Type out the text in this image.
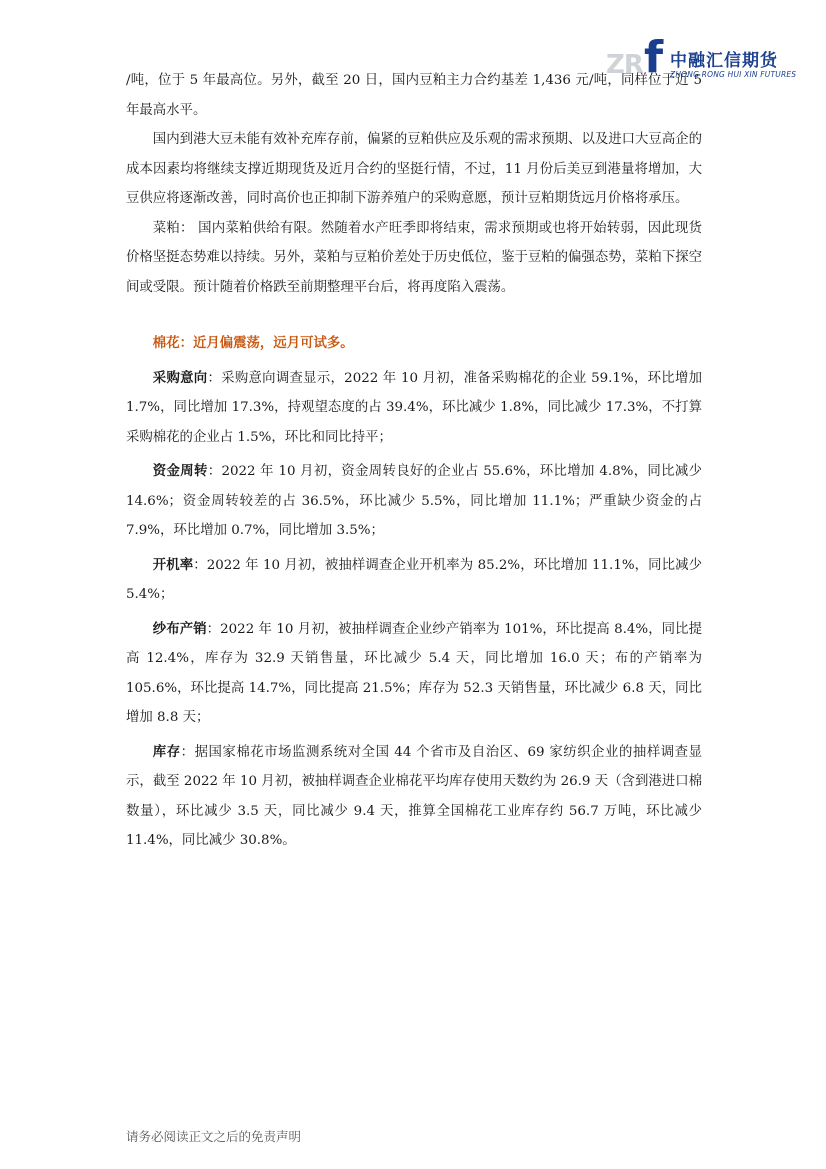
ZR f 中融汇信期货
ZHONG RONG HUI XIN FUTURES

/吨，位于 5 年最高位。另外，截至 20 日，国内豆粕主力合约基差 1,436 元/吨，同样位于近 5 年最高水平。

国内到港大豆未能有效补充库存前，偏紧的豆粕供应及乐观的需求预期、以及进口大豆高企的成本因素均将继续支撑近期现货及近月合约的坚挺行情，不过，11 月份后美豆到港量将增加，大豆供应将逐渐改善，同时高价也正抑制下游养殖户的采购意愿，预计豆粕期货远月价格将承压。

菜粕： 国内菜粕供给有限。然随着水产旺季即将结束，需求预期或也将开始转弱，因此现货价格坚挺态势难以持续。另外，菜粕与豆粕价差处于历史低位，鉴于豆粕的偏强态势，菜粕下探空间或受限。预计随着价格跌至前期整理平台后，将再度陷入震荡。

棉花：近月偏震荡，远月可试多。

采购意向：采购意向调查显示，2022 年 10 月初，准备采购棉花的企业 59.1%，环比增加 1.7%，同比增加 17.3%，持观望态度的占 39.4%，环比减少 1.8%，同比减少 17.3%，不打算采购棉花的企业占 1.5%，环比和同比持平；

资金周转：2022 年 10 月初，资金周转良好的企业占 55.6%，环比增加 4.8%，同比减少 14.6%；资金周转较差的占 36.5%，环比减少 5.5%，同比增加 11.1%；严重缺少资金的占 7.9%，环比增加 0.7%，同比增加 3.5%；

开机率：2022 年 10 月初，被抽样调查企业开机率为 85.2%，环比增加 11.1%，同比减少 5.4%；

纱布产销：2022 年 10 月初，被抽样调查企业纱产销率为 101%，环比提高 8.4%，同比提高 12.4%，库存为 32.9 天销售量，环比减少 5.4 天，同比增加 16.0 天；布的产销率为 105.6%，环比提高 14.7%，同比提高 21.5%；库存为 52.3 天销售量，环比减少 6.8 天，同比增加 8.8 天；

库存：据国家棉花市场监测系统对全国 44 个省市及自治区、69 家纺织企业的抽样调查显示，截至 2022 年 10 月初，被抽样调查企业棉花平均库存使用天数约为 26.9 天（含到港进口棉数量），环比减少 3.5 天，同比减少 9.4 天，推算全国棉花工业库存约 56.7 万吨，环比减少 11.4%，同比减少 30.8%。

请务必阅读正文之后的免责声明
